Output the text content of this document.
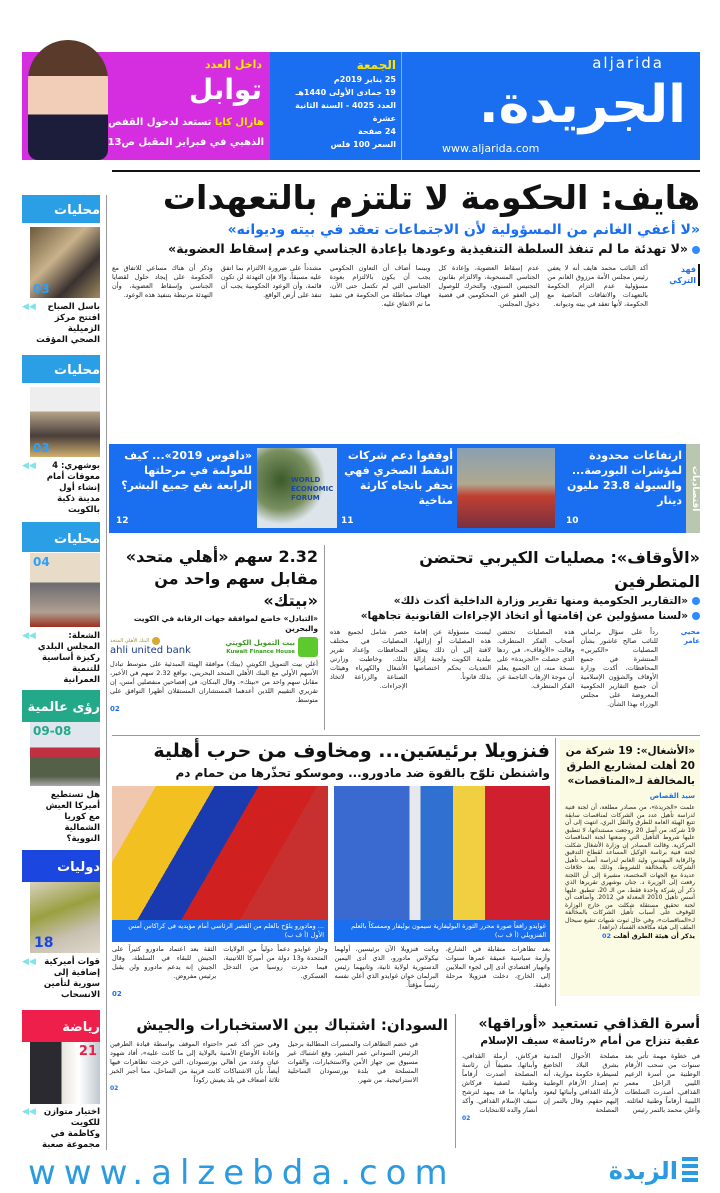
داخل العدد
توابل
هازال كايا تستعد لدخول القفص
الذهبي في فبراير المقبل ص13
الجمعة
25 يناير 2019م
19 جمادى الأولى 1440هـ
العدد 4025 - السنة الثانية عشرة
24 صفحة
السعر 100 فلس
aljarida
الجريدة.
www.aljarida.com
محليات
03
باسل الصباح افتتح مركز الزميلية الصحي المؤقت
◀◀
محليات
03
بوشهري: 4 معوقات أمام إنشاء أول مدينة ذكية بالكويت
◀◀
محليات
04
الشعلة: المجلس البلدي ركيزة أساسية للتنمية العمرانية
◀◀
رؤى عالمية
09-08
هل تستطيع أميركا العيش مع كوريا الشمالية النووية؟
دوليات
18
قوات أميركية إضافية إلى سورية لتأمين الانسحاب
◀◀
رياضة
21
اختيار متوازن للكويت وكاظمة في مجموعة صعبة
◀◀
هايف: الحكومة لا تلتزم بالتعهدات
«لا أعفي الغانم من المسؤولية لأن الاجتماعات تعقد في بيته وديوانه»
«لا تهدئة ما لم تنفذ السلطة التنفيذية وعودها بإعادة الجناسي وعدم إسقاط العضوية»
فهد التركي
أكد النائب محمد هايف أنه لا يعفي رئيس مجلس الأمة مرزوق الغانم من مسؤولية عدم التزام الحكومة بالتعهدات والاتفاقات الماضية مع الحكومة، لأنها تعقد في بيته وديوانه.
عدم إسقاط العضوية، وإعادة كل الجناسي المسحوبة، والالتزام بقانون التجنيس السنوي، والتحرك للوصول إلى العفو عن المحكومين في قضية دخول المجلس.
وبينما أضاف أن التعاون الحكومي يجب أن يكون بالالتزام بعودة الجناسي التي لم تكتمل حتى الآن، فهناك مماطلة من الحكومة في تنفيذ ما تم الاتفاق عليه.
مشدداً على ضرورة الالتزام بما اتفق عليه مسبقاً، وإلا فإن التهدئة لن تكون قائمة، وأن الوعود الحكومية يجب أن تنفذ على أرض الواقع.
وذكر أن هناك مساعي للاتفاق مع الحكومة على إيجاد حلول لقضايا الجناسي وإسقاط العضوية، وأن التهدئة مرتبطة بتنفيذ هذه الوعود.
اقتصاديات
ارتفاعات محدودة لمؤشرات البورصة... والسيولة 23.8 مليون دينار
10
أوقفوا دعم شركات النفط الصخري فهي تحفر باتجاه كارثة مناخية
11
WORLD ECONOMIC FORUM
«دافوس 2019»... كيف للعولمة في مرحلتها الرابعة نفع جميع البشر؟
12
«الأوقاف»: مصليات الكيربي تحتضن المتطرفين
«التقارير الحكومية ومنها تقرير وزارة الداخلية أكدت ذلك»
«لسنا مسؤولين عن إقامتها أو اتخاذ الإجراءات القانونية تجاهها»
محيي عامر
رداً على سؤال برلماني للنائب صالح عاشور بشأن المصليات «الكيربي» المنتشرة في جميع المحافظات، أكدت وزارة الأوقاف والشؤون الإسلامية أن جميع التقارير الحكومية المعروضة على مجلس الوزراء بهذا الشأن.
هذه المصليات تحتضن أصحاب الفكر المتطرف. وقالت «الأوقاف»، في ردها الذي حصلت «الجريدة» على نسخة منه، إن الجميع يعلم أن موجة الإرهاب الناجمة عن الفكر المتطرف.
ليست مسؤولة عن إقامة هذه المصليات أو إزالتها، لافتة إلى أن ذلك يتعلق ببلدية الكويت ولجنة إزالة التعديات بحكم اختصاصها بذلك قانوناً.
حصر شامل لجميع هذه المصليات في مختلف المحافظات وإعداد تقرير بذلك، وخاطبت وزارتي الأشغال والكهرباء وهيئات الصناعة والزراعة لاتخاذ الإجراءات.
2.32 سهم «أهلي متحد» مقابل سهم واحد من «بيتك»
«التبادل» خاضع لموافقة جهات الرقابة في الكويت والبحرين
بيت التمويل الكويتي
Kuwait Finance House
البنك الأهلي المتحد
ahli united bank
أعلن بيت التمويل الكويتي (بيتك) موافقة الهيئة المبدئية على متوسط تبادل الأسهم الأولي مع البنك الأهلي المتحد البحريني، بواقع 2.32 سهم في الأخير، مقابل سهم واحد من «بيتك». وقال البنكان، في إفصاحين منفصلين أمس، إن تقريري التقييم اللذين أعدهما المستشاران المستقلان أظهرا التوافق على متوسط.
02
فنزويلا برئيسَين... ومخاوف من حرب أهلية
واشنطن تلوّح بالقوة ضد مادورو... وموسكو تحذّرها من حمام دم
غوايدو رافعاً صورة محرر الثورة البوليفارية سيمون بوليفار وممسكاً بالعلم الفنزويلي (أ ف ب)
... ومادورو يلوّح بالعلم من القصر الرئاسي أمام مؤيديه في كراكاس أمس الأول (أ ف ب)
بعد تظاهرات متقابلة في الشارع، وأزمة سياسية عميقة عمرها سنوات وانهيار اقتصادي أدى إلى لجوء الملايين إلى الخارج، دخلت فنزويلا مرحلة دقيقة.
وباتت فنزويلا الآن برئيسين، أولهما نيكولاس مادورو، الذي أدى اليمين الدستورية لولاية ثانية، وثانيهما رئيس البرلمان خوان غوايدو الذي أعلن نفسه رئيساً مؤقتاً.
وحاز غوايدو دعماً دولياً من الولايات المتحدة و13 دولة من أميركا اللاتينية، فيما حذرت روسيا من التدخل العسكري.
الثقة بعد اعتماد مادورو كثيراً على الجيش للبقاء في السلطة، وقال الجيش إنه يدعم مادورو ولن يقبل برئيس مفروض.
02
«الأشغال»: 19 شركة من 20 أهلت لمشاريع الطرق بالمخالفة لـ«المناقصات»
سيد القصاص
علمت «الجريدة»، من مصادر مطلعة، أن لجنة فنية لدراسة تأهيل عدد من الشركات لمناقصات سابقة تتبع الهيئة العامة للطرق والنقل البري، انتهت إلى أن 19 شركة، من أصل 20 روجعت مستنداتها، لا تنطبق عليها شروط التأهيل التي وضعتها لجنة المناقصات المركزية. وقالت المصادر إن وزارة الأشغال شكلت لجنة فنية برئاسة الوكيل المساعد لقطاع التدقيق والرقابة المهندس وليد الغانم لدراسة أسباب تأهيل الشركات بالمخالفة للشروط، وذلك بعد خلافات عديدة مع الجهات المختصة، مشيرة إلى أن اللجنة رفعت إلى الوزيرة د. جنان بوشهري تقريرها الذي ذكر أن شركة واحدة فقط، من الـ 20، تنطبق عليها أسس تأهيل 2010 المعدلة في 2012. وأضافت أن لجنة تحقيق مستقلة شكلت من خارج الوزارة للوقوف على أسباب تأهيل الشركات بالمخالفة لـ«المناقصات»، وفي حال ثبوت شبهات تنفيع سيحال الملف إلى هيئة مكافحة الفساد (نزاهة).
يذكر أن هيئة الطرق أهلت 02
أسرة القذافي تستعيد «أوراقها»
عقبة تنزاح من أمام «رئاسة» سيف الإسلام
في خطوة مهمة تأتي بعد سنوات من سحب الأرقام الوطنية من أسرة الزعيم الليبي الراحل معمر القذافي، أصدرت السلطات الليبية أرقاماً وطنية لعائلته. وأعلن محمد بالتمر رئيس
مصلحة الأحوال المدنية بشرق البلاد الخاضع لسيطرة حكومة موازية، أنه تم إصدار الأرقام الوطنية لأرملة القذافي وأبنائها ليعود إليهم حقهم. وقال بالتمر إن المصلحة
فركاش، أرملة القذافي، وأبنائها، مضيفاً أن رئاسة المصلحة أصدرت أرقاماً وطنية لصفية فركاش وأبنائها، ما قد يمهد لترشح سيف الإسلام القذافي. وأكد أنصار والده للانتخابات
02
السودان: اشتباك بين الاستخبارات والجيش
في خضم التظاهرات والمسيرات المطالبة برحيل الرئيس السوداني عمر البشير، وقع اشتباك غير مسبوق بين جهاز الأمن والاستخبارات، والقوات المسلحة في بلدة بورتسودان الساحلية الاستراتيجية. من شهر.
وفي حين أكد عمر «احتواء الموقف بواسطة قيادة الطرفين وإعادة الأوضاع الأمنية بالولاية إلى ما كانت عليه»، أفاد شهود عيان وعدد من أهالي بورتسودان، التي خرجت تظاهرات فيها أيضاً، بأن الاشتباكات كانت قريبة من الساحل، مما أجبر الخبز ثلاثة أضعاف في بلد يعيش ركوداً
02
www.alzebda.com	الزبدة
